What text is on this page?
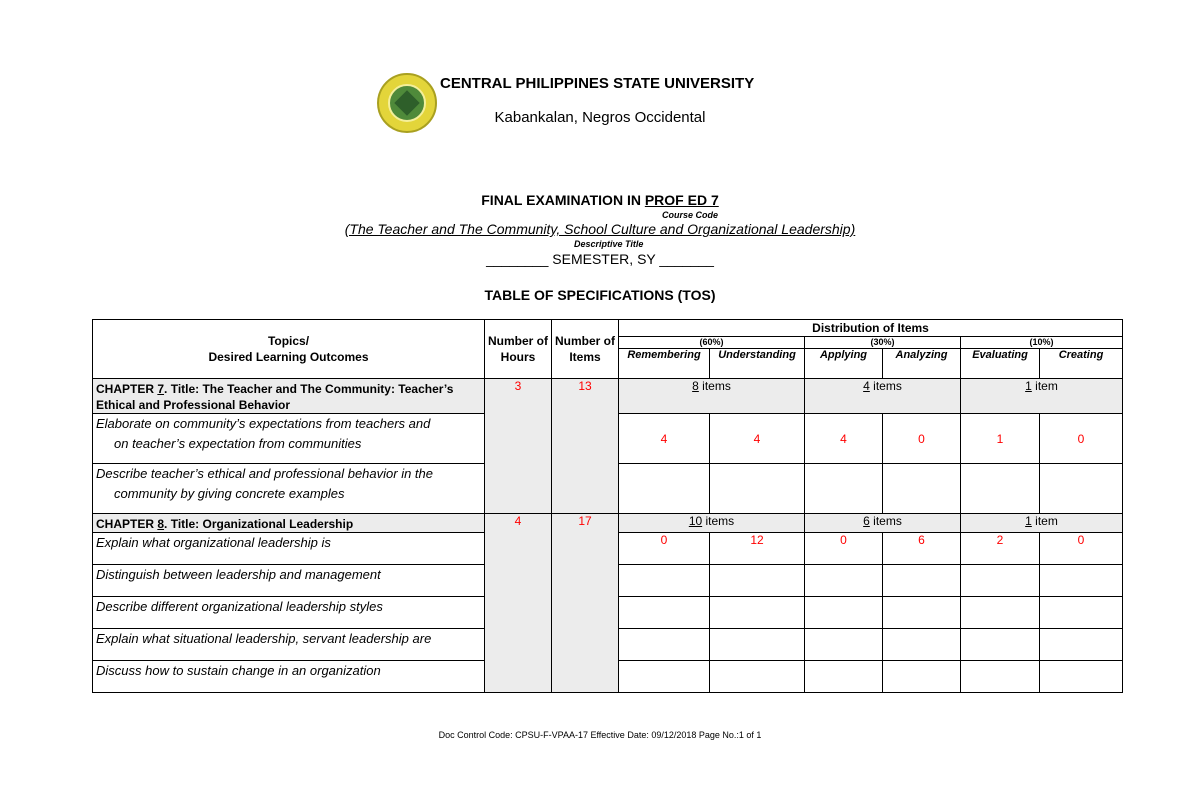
CENTRAL PHILIPPINES STATE UNIVERSITY
Kabankalan, Negros Occidental
FINAL EXAMINATION IN PROF ED 7
Course Code
(The Teacher and The Community, School Culture and Organizational Leadership)
Descriptive Title
________ SEMESTER, SY _______
TABLE OF SPECIFICATIONS (TOS)
Topics/
Desired Learning Outcomes	Number of Hours	Number of Items	Distribution of Items					
			(60%)		(30%)		(10%)	
			Remembering	Understanding	Applying	Analyzing	Evaluating	Creating
CHAPTER 7. Title: The Teacher and The Community: Teacher’s Ethical and Professional Behavior	3	13	8 items		4 items		1 item	
Elaborate on community’s expectations from teachers and
on teacher’s expectation from communities			4	4	4	0	1	0
Describe teacher’s ethical and professional behavior in the
community by giving concrete examples								

CHAPTER 8. Title: Organizational Leadership	4	17	10 items		6 items		1 item	
Explain what organizational leadership is			0	12	0	6	2	0
Distinguish between leadership and management								
Describe different organizational leadership styles								
Explain what situational leadership, servant leadership are								
Discuss how to sustain change in an organization								
Doc Control Code: CPSU-F-VPAA-17 Effective Date: 09/12/2018 Page No.:1 of 1
